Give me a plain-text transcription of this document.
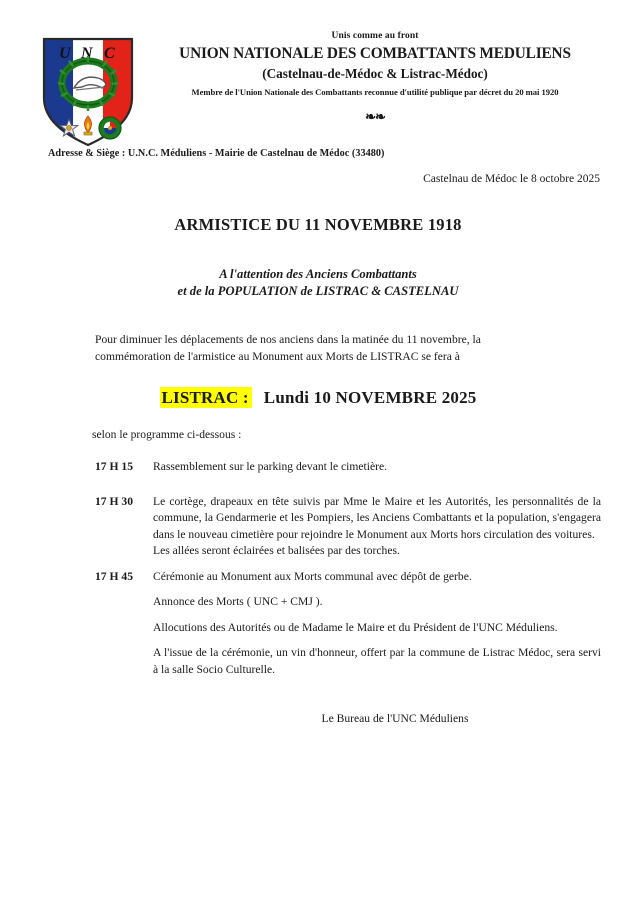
U N C
Unis comme au front
UNION NATIONALE DES COMBATTANTS MEDULIENS
(Castelnau-de-Médoc & Listrac-Médoc)
Membre de l'Union Nationale des Combattants reconnue d'utilité publique par décret du 20 mai 1920
❧❧
Adresse & Siège : U.N.C. Méduliens - Mairie de Castelnau de Médoc (33480)
Castelnau de Médoc le 8 octobre 2025
ARMISTICE DU 11 NOVEMBRE 1918
A l'attention des Anciens Combattants
et de la POPULATION de LISTRAC & CASTELNAU
Pour diminuer les déplacements de nos anciens dans la matinée du 11 novembre, la
commémoration de l'armistice au Monument aux Morts de LISTRAC se fera à
LISTRAC : Lundi 10 NOVEMBRE 2025
selon le programme ci-dessous :
17 H 15	Rassemblement sur le parking devant le cimetière.

17 H 30	Le cortège, drapeaux en tête suivis par Mme le Maire et les Autorités, les personnalités de la commune, la Gendarmerie et les Pompiers, les Anciens Combattants et la population, s'engagera dans le nouveau cimetière pour rejoindre le Monument aux Morts hors circulation des voitures.

Les allées seront éclairées et balisées par des torches.

17 H 45	Cérémonie au Monument aux Morts communal avec dépôt de gerbe.

Annonce des Morts ( UNC + CMJ ).

Allocutions des Autorités ou de Madame le Maire et du Président de l'UNC Méduliens.

A l'issue de la cérémonie, un vin d'honneur, offert par la commune de Listrac Médoc, sera servi à la salle Socio Culturelle.

Le Bureau de l'UNC Méduliens
